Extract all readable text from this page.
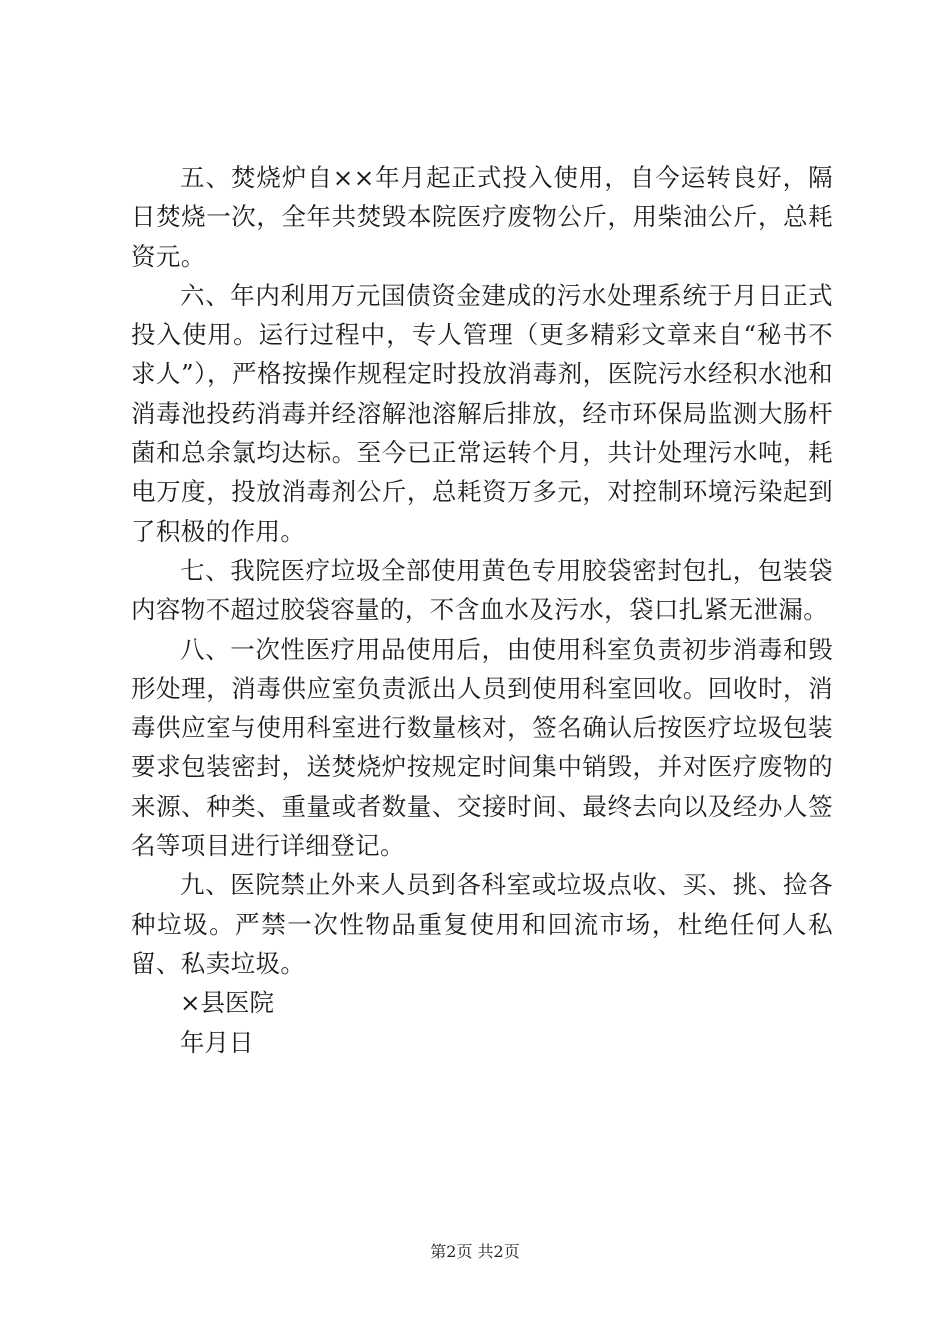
五、焚烧炉自××年月起正式投入使用，自今运转良好，隔日焚烧一次，全年共焚毁本院医疗废物公斤，用柴油公斤，总耗资元。

六、年内利用万元国债资金建成的污水处理系统于月日正式投入使用。运行过程中，专人管理（更多精彩文章来自“秘书不求人”），严格按操作规程定时投放消毒剂，医院污水经积水池和消毒池投药消毒并经溶解池溶解后排放，经市环保局监测大肠杆菌和总余氯均达标。至今已正常运转个月，共计处理污水吨，耗电万度，投放消毒剂公斤，总耗资万多元，对控制环境污染起到了积极的作用。

七、我院医疗垃圾全部使用黄色专用胶袋密封包扎，包装袋内容物不超过胶袋容量的，不含血水及污水，袋口扎紧无泄漏。

八、一次性医疗用品使用后，由使用科室负责初步消毒和毁形处理，消毒供应室负责派出人员到使用科室回收。回收时，消毒供应室与使用科室进行数量核对，签名确认后按医疗垃圾包装要求包装密封，送焚烧炉按规定时间集中销毁，并对医疗废物的来源、种类、重量或者数量、交接时间、最终去向以及经办人签名等项目进行详细登记。

九、医院禁止外来人员到各科室或垃圾点收、买、挑、捡各种垃圾。严禁一次性物品重复使用和回流市场，杜绝任何人私留、私卖垃圾。

×县医院

年月日

第2页 共2页
